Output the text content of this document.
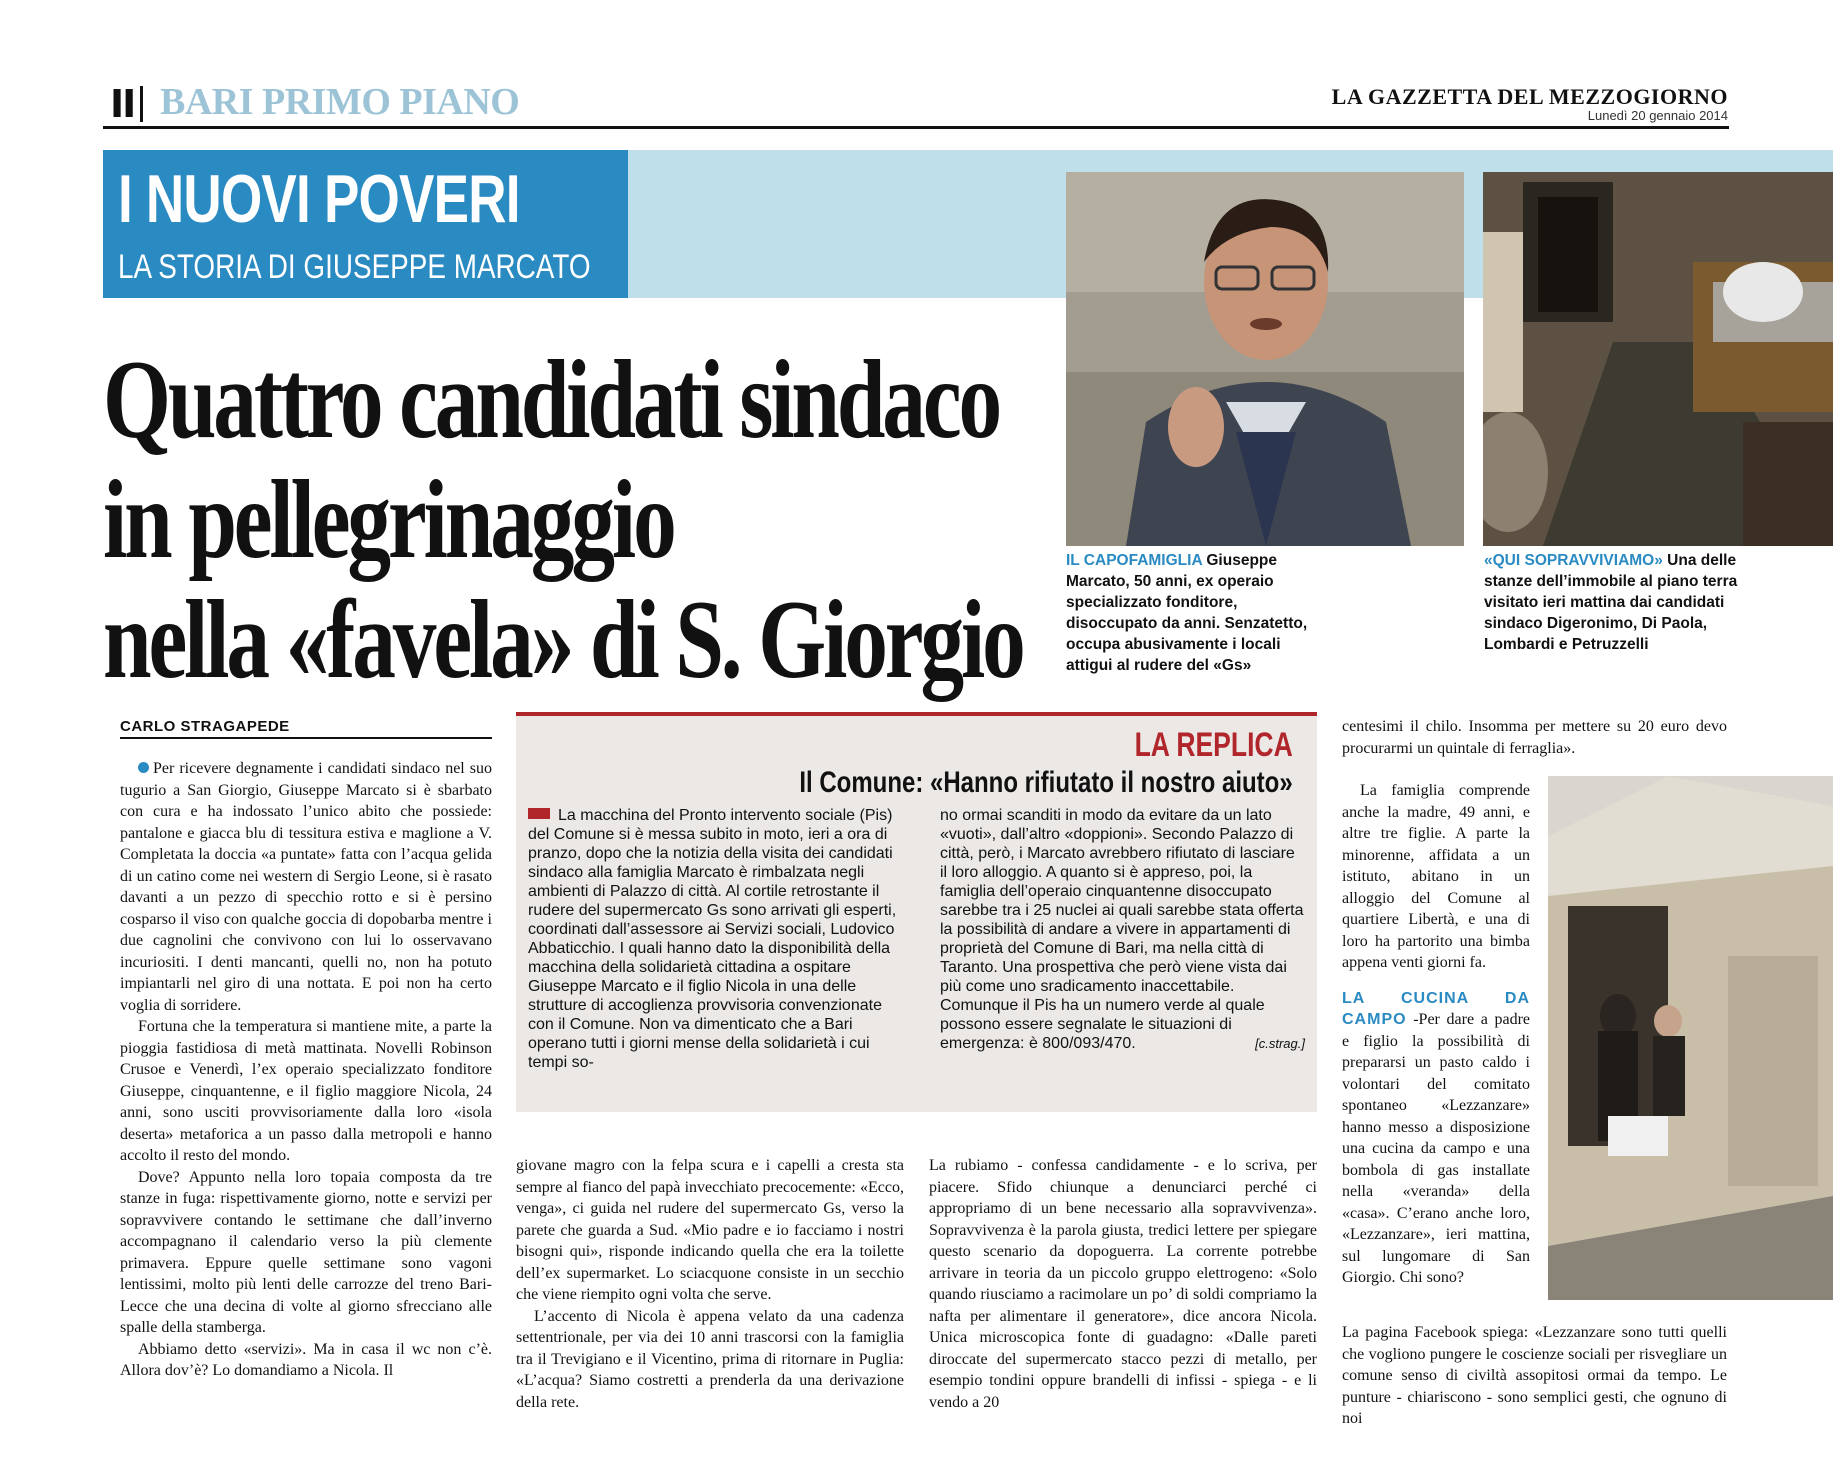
II BARI PRIMO PIANO	LA GAZZETTA DEL MEZZOGIORNO
Lunedì 20 gennaio 2014
I NUOVI POVERI
LA STORIA DI GIUSEPPE MARCATO
Quattro candidati sindaco
in pellegrinaggio
nella «favela» di S. Giorgio
IL CAPOFAMIGLIA Giuseppe Marcato, 50 anni, ex operaio specializzato fonditore, disoccupato da anni. Senzatetto, occupa abusivamente i locali attigui al rudere del «Gs»
«QUI SOPRAVVIVIAMO» Una delle stanze dell’immobile al piano terra visitato ieri mattina dai candidati sindaco Digeronimo, Di Paola, Lombardi e Petruzzelli
CARLO STRAGAPEDE

Per ricevere degnamente i candidati sindaco nel suo tugurio a San Giorgio, Giuseppe Marcato si è sbarbato con cura e ha indossato l’unico abito che possiede: pantalone e giacca blu di tessitura estiva e maglione a V. Completata la doccia «a puntate» fatta con l’acqua gelida di un catino come nei western di Sergio Leone, si è rasato davanti a un pezzo di specchio rotto e si è persino cosparso il viso con qualche goccia di dopobarba mentre i due cagnolini che convivono con lui lo osservavano incuriositi. I denti mancanti, quelli no, non ha potuto impiantarli nel giro di una nottata. E poi non ha certo voglia di sorridere.

Fortuna che la temperatura si mantiene mite, a parte la pioggia fastidiosa di metà mattinata. Novelli Robinson Crusoe e Venerdì, l’ex operaio specializzato fonditore Giuseppe, cinquantenne, e il figlio maggiore Nicola, 24 anni, sono usciti provvisoriamente dalla loro «isola deserta» metaforica a un passo dalla metropoli e hanno accolto il resto del mondo.

Dove? Appunto nella loro topaia composta da tre stanze in fuga: rispettivamente giorno, notte e servizi per sopravvivere contando le settimane che dall’inverno accompagnano il calendario verso la più clemente primavera. Eppure quelle settimane sono vagoni lentissimi, molto più lenti delle carrozze del treno Bari-Lecce che una decina di volte al giorno sfrecciano alle spalle della stamberga.

Abbiamo detto «servizi». Ma in casa il wc non c’è. Allora dov’è? Lo domandiamo a Nicola. Il

LA REPLICA
Il Comune: «Hanno rifiutato il nostro aiuto»
La macchina del Pronto intervento sociale (Pis) del Comune si è messa subito in moto, ieri a ora di pranzo, dopo che la notizia della visita dei candidati sindaco alla famiglia Marcato è rimbalzata negli ambienti di Palazzo di città. Al cortile retrostante il rudere del supermercato Gs sono arrivati gli esperti, coordinati dall’assessore ai Servizi sociali, Ludovico Abbaticchio. I quali hanno dato la disponibilità della macchina della solidarietà cittadina a ospitare Giuseppe Marcato e il figlio Nicola in una delle strutture di accoglienza provvisoria convenzionate con il Comune. Non va dimenticato che a Bari operano tutti i giorni mense della solidarietà i cui tempi so-
no ormai scanditi in modo da evitare da un lato «vuoti», dall’altro «doppioni». Secondo Palazzo di città, però, i Marcato avrebbero rifiutato di lasciare il loro alloggio. A quanto si è appreso, poi, la famiglia dell’operaio cinquantenne disoccupato sarebbe tra i 25 nuclei ai quali sarebbe stata offerta la possibilità di andare a vivere in appartamenti di proprietà del Comune di Bari, ma nella città di Taranto. Una prospettiva che però viene vista dai più come uno sradicamento inaccettabile. Comunque il Pis ha un numero verde al quale possono essere segnalate le situazioni di emergenza: è 800/093/470.	[c.strag.]

giovane magro con la felpa scura e i capelli a cresta sta sempre al fianco del papà invecchiato precocemente: «Ecco, venga», ci guida nel rudere del supermercato Gs, verso la parete che guarda a Sud. «Mio padre e io facciamo i nostri bisogni qui», risponde indicando quella che era la toilette dell’ex supermarket. Lo sciacquone consiste in un secchio che viene riempito ogni volta che serve.

L’accento di Nicola è appena velato da una cadenza settentrionale, per via dei 10 anni trascorsi con la famiglia tra il Trevigiano e il Vicentino, prima di ritornare in Puglia: «L’acqua? Siamo costretti a prenderla da una derivazione della rete.

La rubiamo - confessa candidamente - e lo scriva, per piacere. Sfido chiunque a denunciarci perché ci appropriamo di un bene necessario alla sopravvivenza». Sopravvivenza è la parola giusta, tredici lettere per spiegare questo scenario da dopoguerra. La corrente potrebbe arrivare in teoria da un piccolo gruppo elettrogeno: «Solo quando riusciamo a racimolare un po’ di soldi compriamo la nafta per alimentare il generatore», dice ancora Nicola. Unica microscopica fonte di guadagno: «Dalle pareti diroccate del supermercato stacco pezzi di metallo, per esempio tondini oppure brandelli di infissi - spiega - e li vendo a 20

centesimi il chilo. Insomma per mettere su 20 euro devo procurarmi un quintale di ferraglia».

La famiglia comprende anche la madre, 49 anni, e altre tre figlie. A parte la minorenne, affidata a un istituto, abitano in un alloggio del Comune al quartiere Libertà, e una di loro ha partorito una bimba appena venti giorni fa.

LA CUCINA DA CAMPO -Per dare a padre e figlio la possibilità di prepararsi un pasto caldo i volontari del comitato spontaneo «Lezzanzare» hanno messo a disposizione una cucina da campo e una bombola di gas installate nella «veranda» della «casa». C’erano anche loro, «Lezzanzare», ieri mattina, sul lungomare di San Giorgio. Chi sono?

La pagina Facebook spiega: «Lezzanzare sono tutti quelli che vogliono pungere le coscienze sociali per risvegliare un comune senso di civiltà assopitosi ormai da tempo. Le punture - chiariscono - sono semplici gesti, che ognuno di noi
